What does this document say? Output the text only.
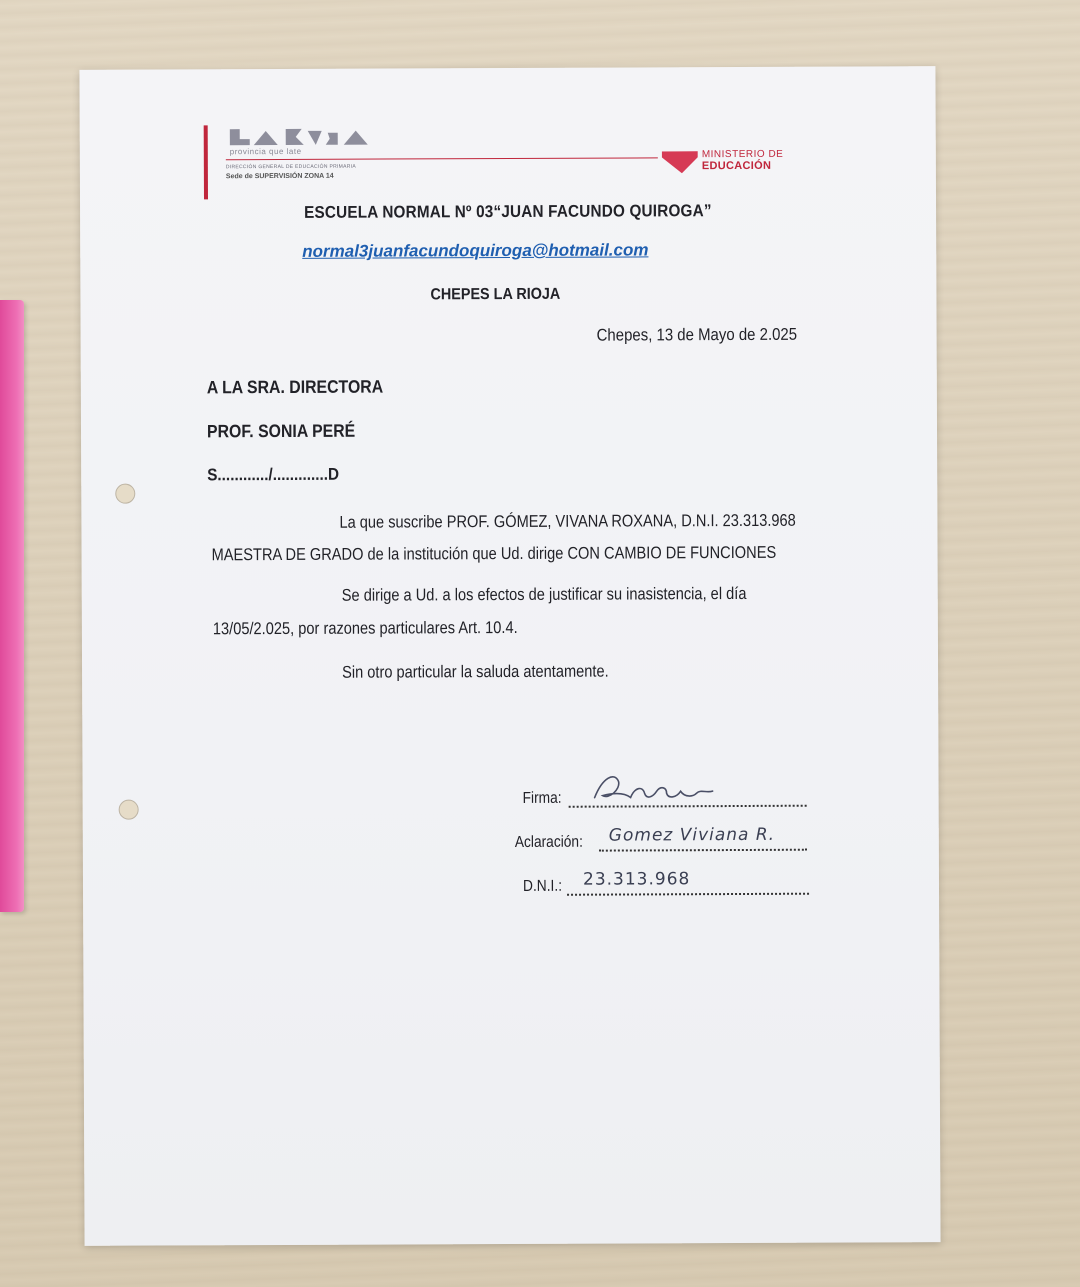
provincia que late
DIRECCIÓN GENERAL DE EDUCACIÓN PRIMARIA
Sede de SUPERVISIÓN ZONA 14
MINISTERIO DE
EDUCACIÓN
ESCUELA NORMAL Nº 03“JUAN FACUNDO QUIROGA”
normal3juanfacundoquiroga@hotmail.com
CHEPES LA RIOJA
Chepes, 13 de Mayo de 2.025
A LA SRA. DIRECTORA
PROF. SONIA PERÉ
S............/.............D
La que suscribe PROF. GÓMEZ, VIVANA ROXANA, D.N.I. 23.313.968
MAESTRA DE GRADO de la institución que Ud. dirige CON CAMBIO DE FUNCIONES
Se dirige a Ud. a los efectos de justificar su inasistencia, el día
13/05/2.025, por razones particulares Art. 10.4.
Sin otro particular la saluda atentamente.
Firma:
Aclaración: Gomez Viviana R.
D.N.I.: 23.313.968
